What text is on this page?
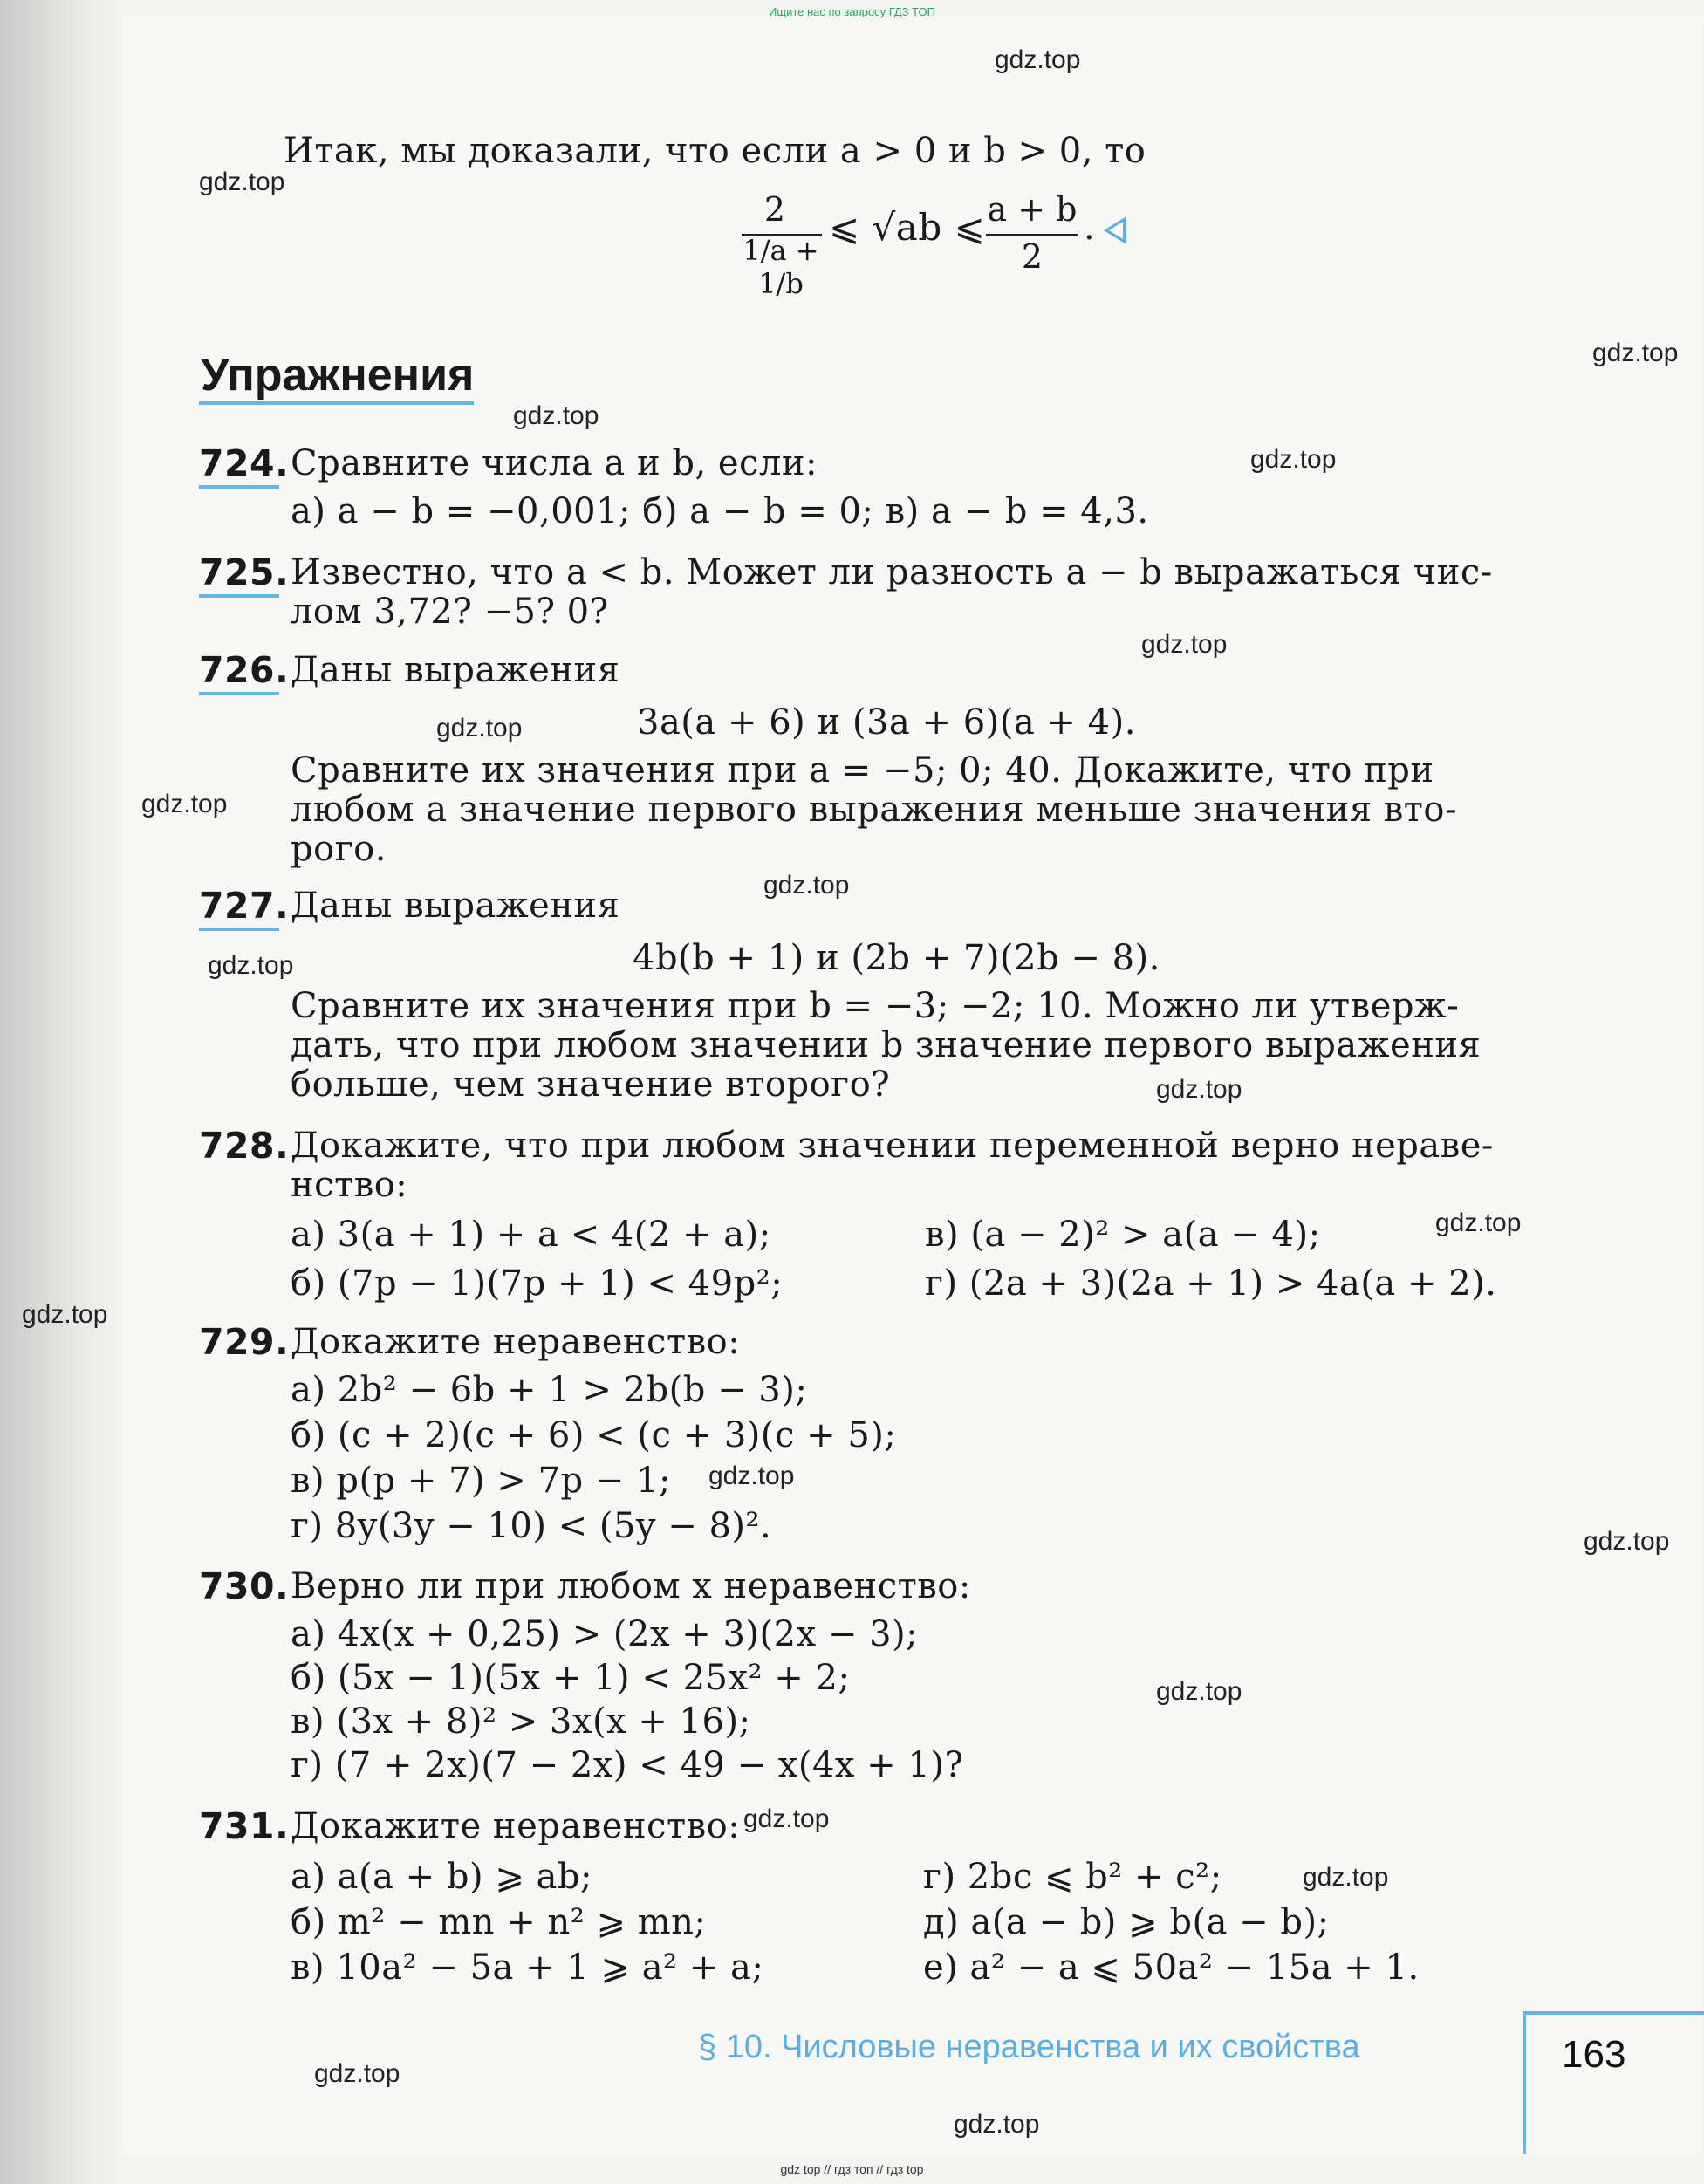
Ищите нас по запросу ГДЗ ТОП
Итак, мы доказали, что если a > 0 и b > 0, то
2
1/a + 1/b
⩽ √ab ⩽ a + b
2
.
Упражнения
724. Сравните числа a и b, если:
а) a − b = −0,001; б) a − b = 0; в) a − b = 4,3.
725. Известно, что a < b. Может ли разность a − b выражаться чис-
лом 3,72? −5? 0?
726. Даны выражения
3a(a + 6) и (3a + 6)(a + 4).
Сравните их значения при a = −5; 0; 40. Докажите, что при
любом a значение первого выражения меньше значения вто-
рого.
727. Даны выражения
4b(b + 1) и (2b + 7)(2b − 8).
Сравните их значения при b = −3; −2; 10. Можно ли утверж-
дать, что при любом значении b значение первого выражения
больше, чем значение второго?
728. Докажите, что при любом значении переменной верно нераве-
нство:
а) 3(a + 1) + a < 4(2 + a);	в) (a − 2)² > a(a − 4);
б) (7p − 1)(7p + 1) < 49p²;	г) (2a + 3)(2a + 1) > 4a(a + 2).
729. Докажите неравенство:
а) 2b² − 6b + 1 > 2b(b − 3);
б) (c + 2)(c + 6) < (c + 3)(c + 5);
в) p(p + 7) > 7p − 1;
г) 8y(3y − 10) < (5y − 8)².
730. Верно ли при любом x неравенство:
а) 4x(x + 0,25) > (2x + 3)(2x − 3);
б) (5x − 1)(5x + 1) < 25x² + 2;
в) (3x + 8)² > 3x(x + 16);
г) (7 + 2x)(7 − 2x) < 49 − x(4x + 1)?
731. Докажите неравенство:
а) a(a + b) ⩾ ab;	г) 2bc ⩽ b² + c²;
б) m² − mn + n² ⩾ mn;	д) a(a − b) ⩾ b(a − b);
в) 10a² − 5a + 1 ⩾ a² + a;	е) a² − a ⩽ 50a² − 15a + 1.
§ 10. Числовые неравенства и их свойства	163
gdz.top
gdz.top
gdz.top
gdz.top
gdz.top
gdz.top
gdz.top
gdz.top
gdz.top
gdz.top
gdz.top
gdz.top
gdz.top
gdz.top
gdz.top
gdz.top
gdz.top
gdz.top
gdz.top
gdz.top
gdz top // гдз топ // гдз top
